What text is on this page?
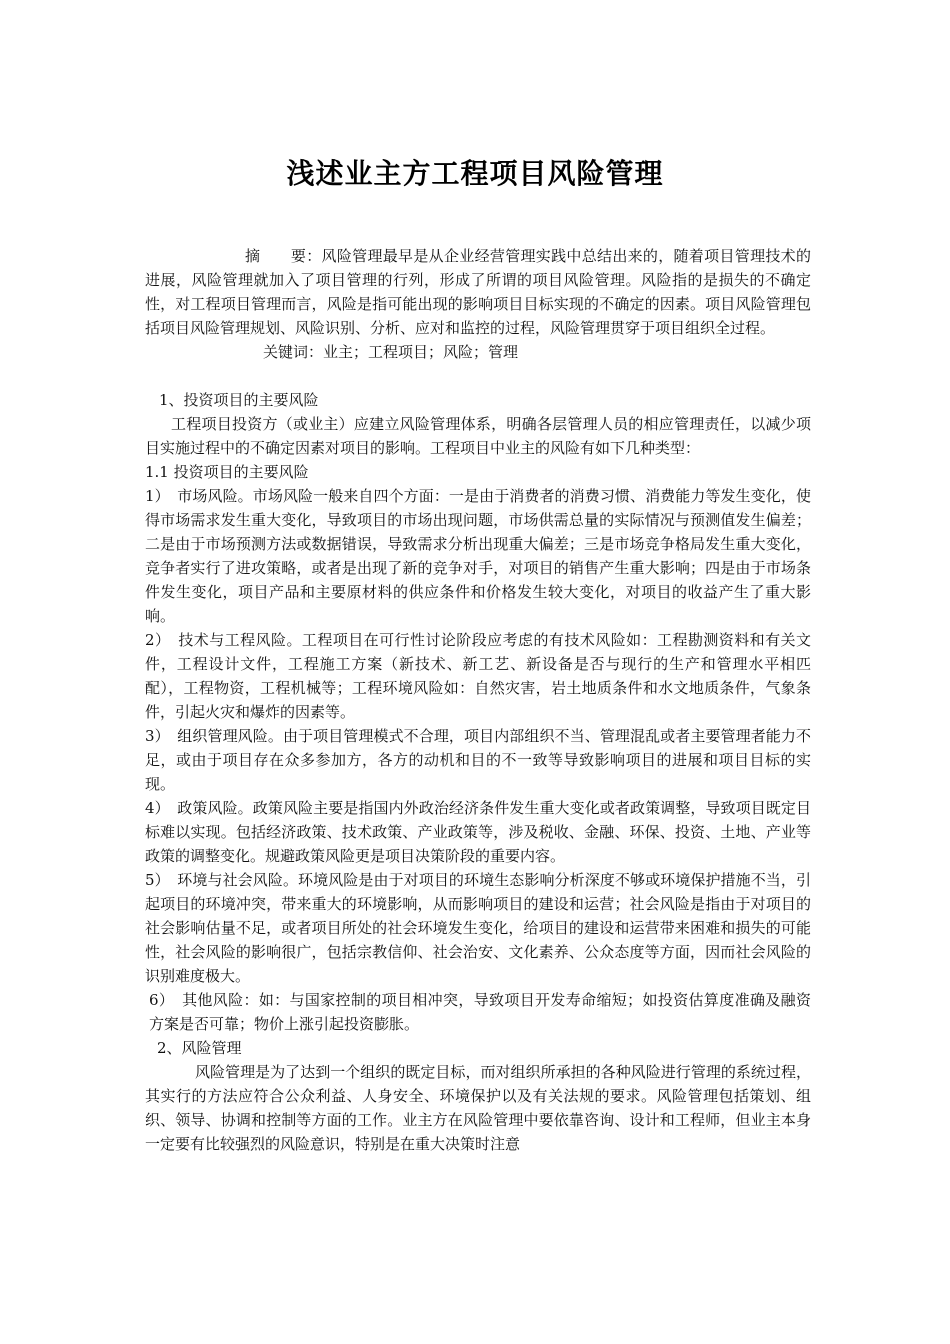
浅述业主方工程项目风险管理

摘　　要：风险管理最早是从企业经营管理实践中总结出来的，随着项目管理技术的进展，风险管理就加入了项目管理的行列，形成了所谓的项目风险管理。风险指的是损失的不确定性，对工程项目管理而言，风险是指可能出现的影响项目目标实现的不确定的因素。项目风险管理包括项目风险管理规划、风险识别、分析、应对和监控的过程，风险管理贯穿于项目组织全过程。

关键词：业主；工程项目；风险；管理

1、投资项目的主要风险

工程项目投资方（或业主）应建立风险管理体系，明确各层管理人员的相应管理责任，以减少项目实施过程中的不确定因素对项目的影响。工程项目中业主的风险有如下几种类型：

1.1 投资项目的主要风险

1）　市场风险。市场风险一般来自四个方面：一是由于消费者的消费习惯、消费能力等发生变化，使得市场需求发生重大变化，导致项目的市场出现问题，市场供需总量的实际情况与预测值发生偏差；二是由于市场预测方法或数据错误，导致需求分析出现重大偏差；三是市场竞争格局发生重大变化，竞争者实行了进攻策略，或者是出现了新的竞争对手，对项目的销售产生重大影响；四是由于市场条件发生变化，项目产品和主要原材料的供应条件和价格发生较大变化，对项目的收益产生了重大影响。

2）　技术与工程风险。工程项目在可行性讨论阶段应考虑的有技术风险如：工程勘测资料和有关文件，工程设计文件，工程施工方案（新技术、新工艺、新设备是否与现行的生产和管理水平相匹配），工程物资，工程机械等；工程环境风险如：自然灾害，岩土地质条件和水文地质条件，气象条件，引起火灾和爆炸的因素等。

3）　组织管理风险。由于项目管理模式不合理，项目内部组织不当、管理混乱或者主要管理者能力不足，或由于项目存在众多参加方，各方的动机和目的不一致等导致影响项目的进展和项目目标的实现。

4）　政策风险。政策风险主要是指国内外政治经济条件发生重大变化或者政策调整，导致项目既定目标难以实现。包括经济政策、技术政策、产业政策等，涉及税收、金融、环保、投资、土地、产业等政策的调整变化。规避政策风险更是项目决策阶段的重要内容。

5）　环境与社会风险。环境风险是由于对项目的环境生态影响分析深度不够或环境保护措施不当，引起项目的环境冲突，带来重大的环境影响，从而影响项目的建设和运营；社会风险是指由于对项目的社会影响估量不足，或者项目所处的社会环境发生变化，给项目的建设和运营带来困难和损失的可能性，社会风险的影响很广，包括宗教信仰、社会治安、文化素养、公众态度等方面，因而社会风险的识别难度极大。

6）　其他风险：如：与国家控制的项目相冲突，导致项目开发寿命缩短；如投资估算度准确及融资方案是否可靠；物价上涨引起投资膨胀。

2、风险管理

风险管理是为了达到一个组织的既定目标，而对组织所承担的各种风险进行管理的系统过程，其实行的方法应符合公众利益、人身安全、环境保护以及有关法规的要求。风险管理包括策划、组织、领导、协调和控制等方面的工作。业主方在风险管理中要依靠咨询、设计和工程师，但业主本身一定要有比较强烈的风险意识，特别是在重大决策时注意
